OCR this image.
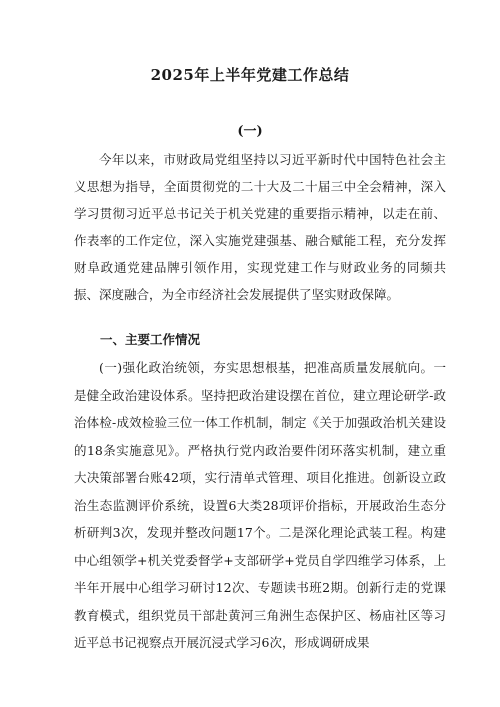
2025年上半年党建工作总结
(一)

今年以来，市财政局党组坚持以习近平新时代中国特色社会主义思想为指导，全面贯彻党的二十大及二十届三中全会精神，深入学习贯彻习近平总书记关于机关党建的重要指示精神，以走在前、作表率的工作定位，深入实施党建强基、融合赋能工程，充分发挥财阜政通党建品牌引领作用，实现党建工作与财政业务的同频共振、深度融合，为全市经济社会发展提供了坚实财政保障。

一、主要工作情况

(一)强化政治统领，夯实思想根基，把准高质量发展航向。一是健全政治建设体系。坚持把政治建设摆在首位，建立理论研学-政治体检-成效检验三位一体工作机制，制定《关于加强政治机关建设的18条实施意见》。严格执行党内政治要件闭环落实机制，建立重大决策部署台账42项，实行清单式管理、项目化推进。创新设立政治生态监测评价系统，设置6大类28项评价指标，开展政治生态分析研判3次，发现并整改问题17个。二是深化理论武装工程。构建中心组领学+机关党委督学+支部研学+党员自学四维学习体系，上半年开展中心组学习研讨12次、专题读书班2期。创新行走的党课教育模式，组织党员干部赴黄河三角洲生态保护区、杨庙社区等习近平总书记视察点开展沉浸式学习6次，形成调研成果
